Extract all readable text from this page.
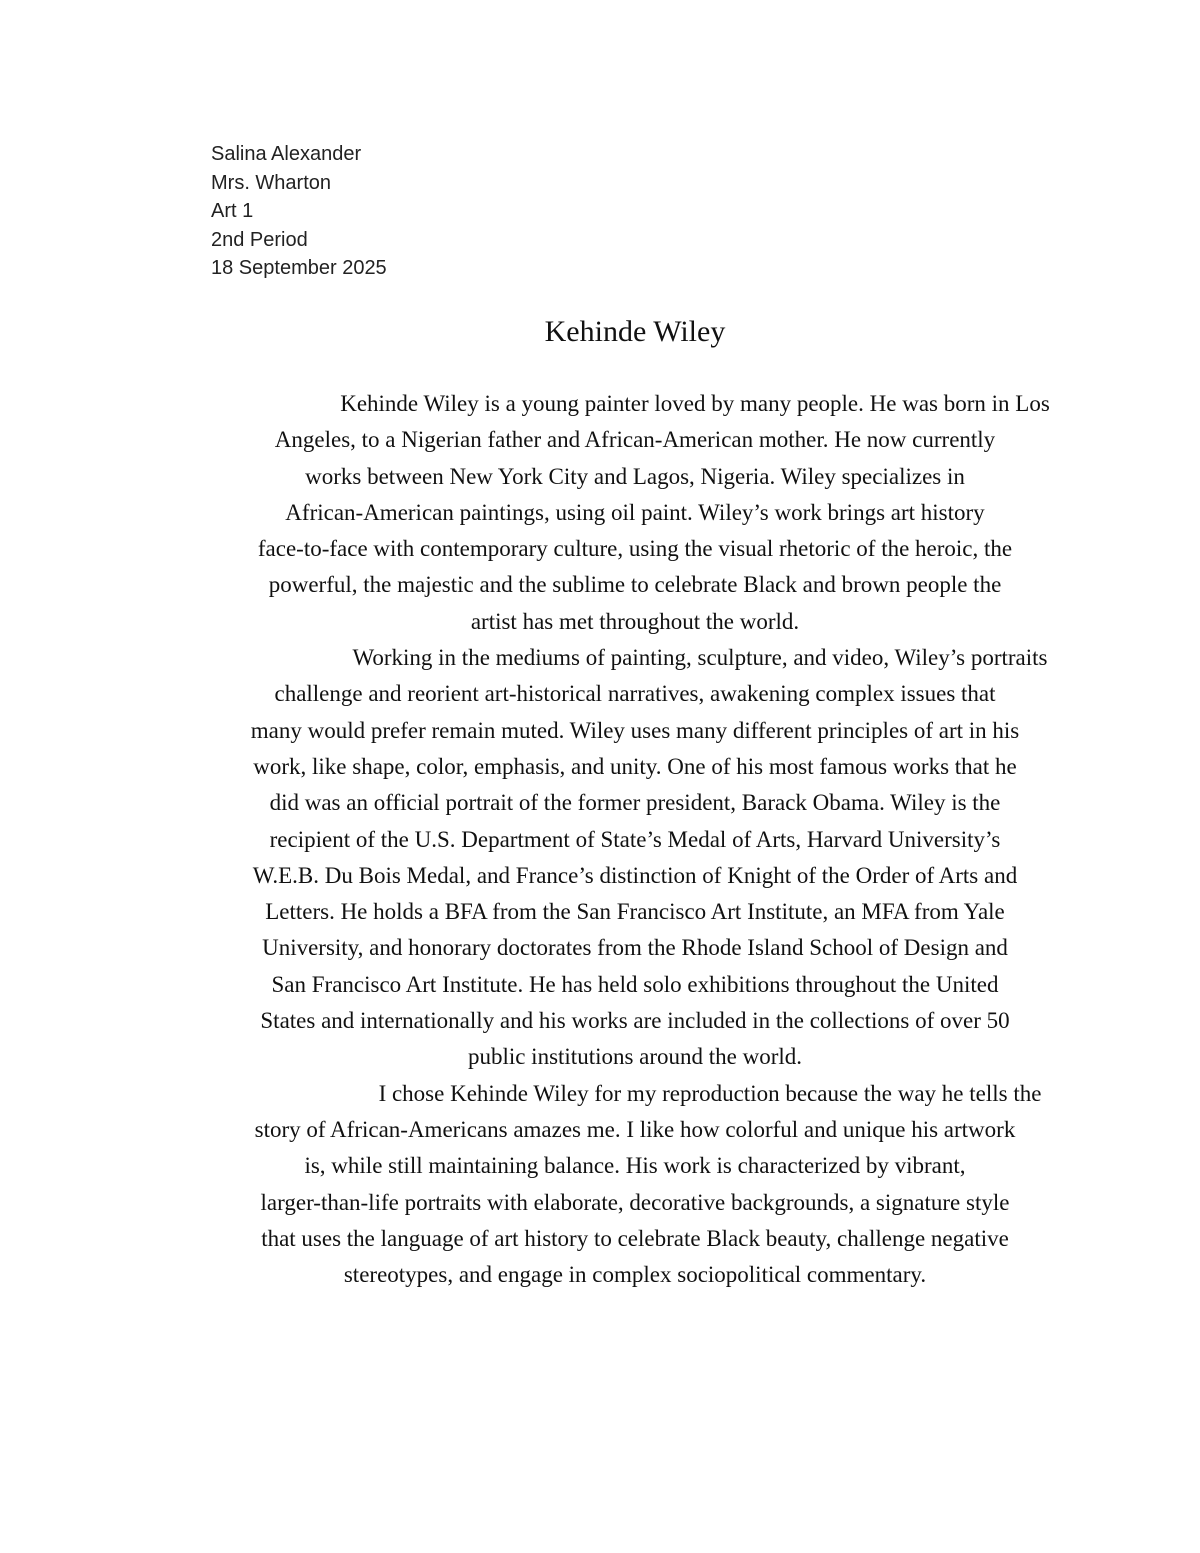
Salina Alexander
Mrs. Wharton
Art 1
2nd Period
18 September 2025
Kehinde Wiley
Kehinde Wiley is a young painter loved by many people. He was born in Los
Angeles, to a Nigerian father and African-American mother. He now currently
works between New York City and Lagos, Nigeria. Wiley specializes in
African-American paintings, using oil paint. Wiley’s work brings art history
face-to-face with contemporary culture, using the visual rhetoric of the heroic, the
powerful, the majestic and the sublime to celebrate Black and brown people the
artist has met throughout the world.
Working in the mediums of painting, sculpture, and video, Wiley’s portraits
challenge and reorient art-historical narratives, awakening complex issues that
many would prefer remain muted. Wiley uses many different principles of art in his
work, like shape, color, emphasis, and unity. One of his most famous works that he
did was an official portrait of the former president, Barack Obama. Wiley is the
recipient of the U.S. Department of State’s Medal of Arts, Harvard University’s
W.E.B. Du Bois Medal, and France’s distinction of Knight of the Order of Arts and
Letters. He holds a BFA from the San Francisco Art Institute, an MFA from Yale
University, and honorary doctorates from the Rhode Island School of Design and
San Francisco Art Institute. He has held solo exhibitions throughout the United
States and internationally and his works are included in the collections of over 50
public institutions around the world.
I chose Kehinde Wiley for my reproduction because the way he tells the
story of African-Americans amazes me. I like how colorful and unique his artwork
is, while still maintaining balance. His work is characterized by vibrant,
larger-than-life portraits with elaborate, decorative backgrounds, a signature style
that uses the language of art history to celebrate Black beauty, challenge negative
stereotypes, and engage in complex sociopolitical commentary.
